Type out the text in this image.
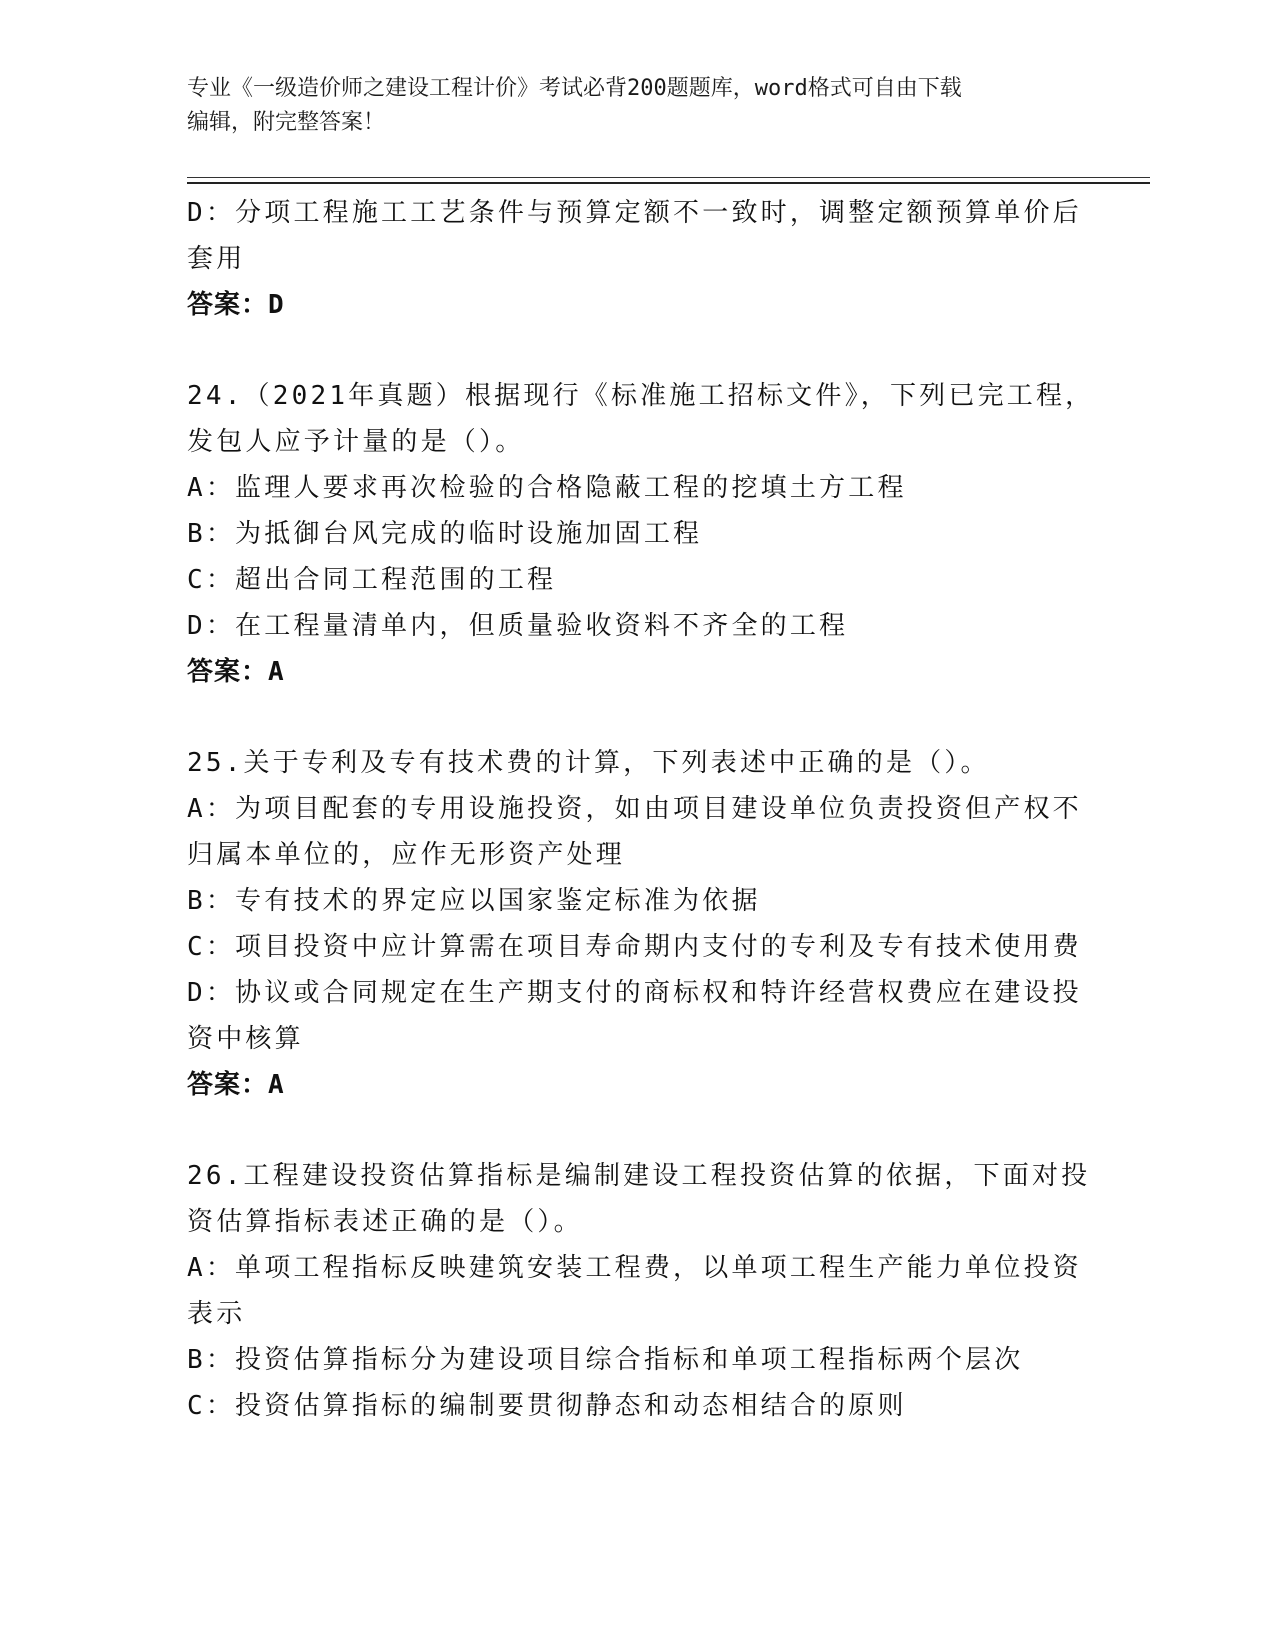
专业《一级造价师之建设工程计价》考试必背200题题库，word格式可自由下载
编辑，附完整答案！
D：分项工程施工工艺条件与预算定额不一致时，调整定额预算单价后
套用
答案：D
24.（2021年真题）根据现行《标准施工招标文件》，下列已完工程，
发包人应予计量的是（）。
A：监理人要求再次检验的合格隐蔽工程的挖填土方工程
B：为抵御台风完成的临时设施加固工程
C：超出合同工程范围的工程
D：在工程量清单内，但质量验收资料不齐全的工程
答案：A
25.关于专利及专有技术费的计算，下列表述中正确的是（）。
A：为项目配套的专用设施投资，如由项目建设单位负责投资但产权不
归属本单位的，应作无形资产处理
B：专有技术的界定应以国家鉴定标准为依据
C：项目投资中应计算需在项目寿命期内支付的专利及专有技术使用费
D：协议或合同规定在生产期支付的商标权和特许经营权费应在建设投
资中核算
答案：A
26.工程建设投资估算指标是编制建设工程投资估算的依据，下面对投
资估算指标表述正确的是（）。
A：单项工程指标反映建筑安装工程费，以单项工程生产能力单位投资
表示
B：投资估算指标分为建设项目综合指标和单项工程指标两个层次
C：投资估算指标的编制要贯彻静态和动态相结合的原则
